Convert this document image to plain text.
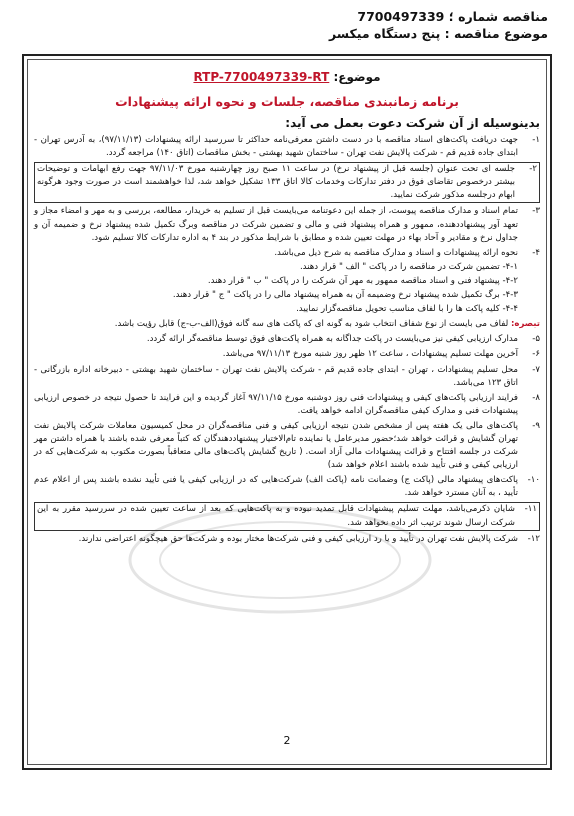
مناقصه شماره ؛ 7700497339
موضوع مناقصه : پنج دستگاه میکسر
موضوع: RTP-7700497339-RT
برنامه زمانبندی مناقصه، جلسات و نحوه ارائه پیشنهادات
بدینوسیله از آن شرکت دعوت بعمل می آید:
۱-
جهت دریافت پاکت‌های اسناد مناقصه با در دست داشتن معرفی‌نامه حداکثر تا سررسید ارائه پیشنهادات (۹۷/۱۱/۱۳)، به آدرس تهران - ابتدای جاده قدیم قم - شرکت پالایش نفت تهران - ساختمان شهید بهشتی - بخش مناقصات (اتاق ۱۴۰) مراجعه گردد.
۲-
جلسه ای تحت عنوان (جلسه قبل از پیشنهاد نرخ) در ساعت ۱۱ صبح روز چهارشنبه مورخ ۹۷/۱۱/۰۳ جهت رفع ابهامات و توضیحات بیشتر درخصوص تقاضای فوق در دفتر تدارکات وخدمات کالا اتاق ۱۳۳ تشکیل خواهد شد، لذا خواهشمند است در صورت وجود هرگونه ابهام درجلسه مذکور شرکت نمایید.
۳-
تمام اسناد و مدارک مناقصه پیوست، از جمله این دعوتنامه می‌بایست قبل از تسلیم به خریدار، مطالعه، بررسی و به مهر و امضاء مجاز و تعهد آور پیشنهاددهنده، ممهور و همراه پیشنهاد فنی و مالی و تضمین شرکت در مناقصه وبرگ تکمیل شده پیشنهاد نرخ و ضمیمه آن و جداول نرخ و مقادیر و آحاد بهاء در مهلت تعیین شده و مطابق با شرایط مذکور در بند ۴ به اداره تدارکات کالا تسلیم شود.
۴-
نحوه ارائه پیشنهادات و اسناد و مدارک مناقصه به شرح ذیل می‌باشد.
۴-۱- تضمین شرکت در مناقصه را در پاکت " الف " قرار دهند.
۴-۲- پیشنهاد فنی و اسناد مناقصه ممهور به مهر آن شرکت را در پاکت " ب " قرار دهند.
۴-۳- برگ تکمیل شده پیشنهاد نرخ وضمیمه آن به همراه پیشنهاد مالی را در پاکت " ج " قرار دهند.
۴-۴- کلیه پاکت ها را با لفاف مناسب تحویل مناقصه‌گزار نمایید.
تبصره: لفاف می بایست از نوع شفاف انتخاب شود به گونه ای که پاکت های سه گانه فوق(الف-ب-ج) قابل رؤیت باشد.
۵-
مدارک ارزیابی کیفی نیز می‌بایست در پاکت جداگانه به همراه پاکت‌های فوق توسط مناقصه‌گر ارائه گردد.
۶-
آخرین مهلت تسلیم پیشنهادات ، ساعت ۱۲ ظهر روز شنبه مورخ ۹۷/۱۱/۱۳ می‌باشد.
۷-
محل تسلیم پیشنهادات ، تهران - ابتدای جاده قدیم قم - شرکت پالایش نفت تهران - ساختمان شهید بهشتی - دبیرخانه اداره بازرگانی - اتاق ۱۲۳ می‌باشد.
۸-
فرایند ارزیابی پاکت‌های کیفی و پیشنهادات فنی روز دوشنبه مورخ ۹۷/۱۱/۱۵ آغاز گردیده و این فرایند تا حصول نتیجه در خصوص ارزیابی پیشنهادات فنی و مدارک کیفی مناقصه‌گران ادامه خواهد یافت.
۹-
پاکت‌های مالی یک هفته پس از مشخص شدن نتیجه ارزیابی کیفی و فنی مناقصه‌گران در محل کمیسیون معاملات شرکت پالایش نفت تهران گشایش و قرائت خواهد شد؛حضور مدیرعامل یا نماینده تام‌الاختیار پیشنهاددهندگان که کتباً معرفی شده باشند با همراه داشتن مهر شرکت در جلسه افتتاح و قرائت پیشنهادات مالی آزاد است. ( تاریخ گشایش پاکت‌های مالی متعاقباً بصورت مکتوب به شرکت‌هایی که در ارزیابی کیفی و فنی تأیید شده باشند اعلام خواهد شد)
۱۰-
پاکت‌های پیشنهاد مالی (پاکت ج) وضمانت نامه (پاکت الف) شرکت‌هایی که در ارزیابی کیفی یا فنی تأیید نشده باشند پس از اعلام عدم تأیید ، به آنان مسترد خواهد شد.
۱۱-
شایان ذکرمی‌باشد، مهلت تسلیم پیشنهادات قابل تمدید نبوده و به پاکت‌هایی که بعد از ساعت تعیین شده در سررسید مقرر به این شرکت ارسال شوند ترتیب اثر داده نخواهد شد.
۱۲-
شرکت پالایش نفت تهران در تأیید و یا رد ارزیابی کیفی و فنی شرکت‌ها مختار بوده و شرکت‌ها حق هیچگونه اعتراضی ندارند.
2
